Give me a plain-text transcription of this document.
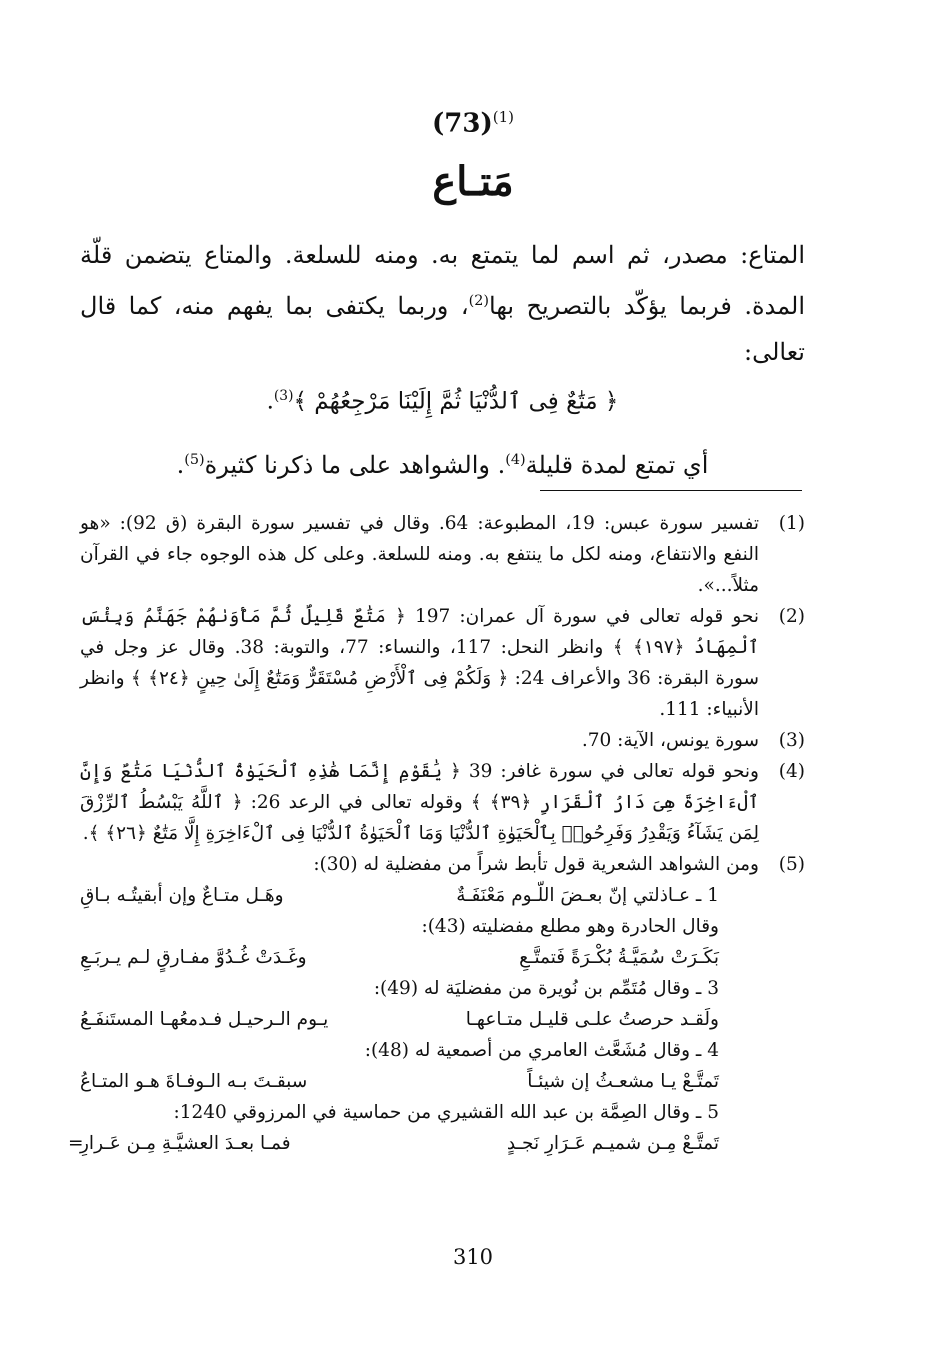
$(73)^{(1)}$
مَتـاع
المتاع: مصدر، ثم اسم لما يتمتع به. ومنه للسلعة. والمتاع يتضمن قلّة المدة. فربما يؤكّد بالتصريح بها$^{(2)}$، وربما يكتفى بما يفهم منه، كما قال تعالى:
﴿ مَتَٰعٌ فِى ٱلدُّنْيَا ثُمَّ إِلَيْنَا مَرْجِعُهُمْ ﴾$^{(3)}$.
أي تمتع لمدة قليلة$^{(4)}$. والشواهد على ما ذكرنا كثيرة$^{(5)}$.
(1)
تفسير سورة عبس: 19، المطبوعة: 64. وقال في تفسير سورة البقرة (ق 92): «هو النفع والانتفاع، ومنه لكل ما ينتفع به. ومنه للسلعة. وعلى كل هذه الوجوه جاء في القرآن مثلاً...».
(2)
نحو قوله تعالى في سورة آل عمران: 197 ﴿ مَتَٰعٌ قَلِيلٌ ثُمَّ مَأْوَىٰهُمْ جَهَنَّمُ وَبِئْسَ ٱلْمِهَادُ ﴿١٩٧﴾ ﴾ وانظر النحل: 117، والنساء: 77، والتوبة: 38. وقال عز وجل في سورة البقرة: 36 والأعراف 24: ﴿ وَلَكُمْ فِى ٱلْأَرْضِ مُسْتَقَرٌّ وَمَتَٰعٌ إِلَىٰ حِينٍ ﴿٢٤﴾ ﴾ وانظر الأنبياء: 111.
(3)
سورة يونس، الآية: 70.
(4)
ونحو قوله تعالى في سورة غافر: 39 ﴿ يَٰقَوْمِ إِنَّمَا هَٰذِهِ ٱلْحَيَوٰةُ ٱلدُّنْيَا مَتَٰعٌ وَإِنَّ ٱلْءَاخِرَةَ هِىَ دَارُ ٱلْقَرَارِ ﴿٣٩﴾ ﴾ وقوله تعالى في الرعد 26: ﴿ ٱللَّهُ يَبْسُطُ ٱلرِّزْقَ لِمَن يَشَآءُ وَيَقْدِرُ وَفَرِحُوا۟ بِٱلْحَيَوٰةِ ٱلدُّنْيَا وَمَا ٱلْحَيَوٰةُ ٱلدُّنْيَا فِى ٱلْءَاخِرَةِ إِلَّا مَتَٰعٌ ﴿٢٦﴾ ﴾.
(5)
ومن الشواهد الشعرية قول تأبط شراً من مفضلية له (30):
1 ـ عـاذلتي إنّ بعـضَ اللّـوم مَعْنَفَـةٌ
وهَـل متـاعٌ وإن أبقيتُـه بـاقِ
وقال الحادرة وهو مطلع مفضليته (43):
بَكَـرَتْ سُمَيَّـةُ بُكْـرَةً فَتمتَّـعِ
وغَـدَتْ غُـدُوَّ مفـارقٍ لـم يـربَـعِ
3 ـ وقال مُتَمِّم بن نُويرة من مفضليَة له (49):
ولَقـد حرصتُ علـى قليـل متـاعهـا
يـوم الـرحيـل فـدمعُهـا المستَنفَـعُ
4 ـ وقال مُشَعَّث العامري من أصمعية له (48):
تَمتَّـعْ يـا مشعـثُ إن شيئـاً
سبقـتَ بـه الـوفـاةَ هـو المتـاعُ
5 ـ وقال الصِمَّة بن عبد الله القشيري من حماسية في المرزوقي 1240:
تَمتَّـعْ مِـن شميـم عَـرَارِ نَجـدٍ
فمـا بعـدَ العشيَّـةِ مِـن عَـرارِ
=
310
